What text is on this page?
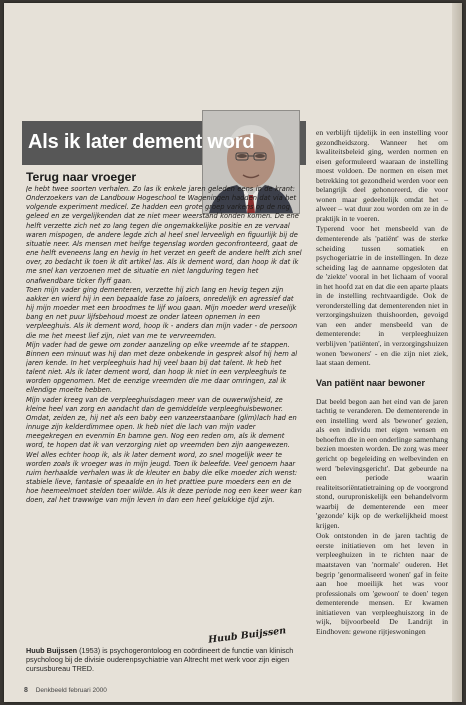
Als ik later dement word
Terug naar vroeger

Je hebt twee soorten verhalen. Zo las ik enkele jaren geleden eens in de krant: Onderzoekers van de Landbouw Hogeschool te Wageningen hadden dat via het volgende experiment medicel. Ze hadden een grote groep varkens op de nog geleed en ze vergelijkenden dat ze niet meer weerstand konden komen. De ene helft verzette zich net zo lang tegen die ongemakkelijke positie en ze vervaal waren mispogen, de andere legde zich al heel snel lerveeligh en figuurlijk bij de situatie neer. Als mensen met heifge tegenslag worden geconfronteerd, gaat de ene helft eveneens lang en hevig in het verzet en geeft de andere helft zich snel over, zo bedacht ik toen ik dit artikel las. Als ik dement word, dan hoop ik dat ik me snel kan verzoenen met de situatie en niet langduring tegen het onafwendbare ticker flyff gaan.

Toen mijn vader ging dementeren, verzette hij zich lang en hevig tegen zijn aakker en wierd hij in een bepaalde fase zo jaloers, onredelijk en agressief dat hij mijn moeder met een broodmes te lijf wou gaan. Mijn moeder werd vreselijk bang en net puur lijfsbehoud moest ze onder lateen opnemen in een verpleeghuis. Als ik dement word, hoop ik - anders dan mijn vader - de persoon die me het meest lief zijn, niet van me te vervreemden.

Mijn vader had de gewe om zonder aanzeling op elke vreemde af te stappen. Binnen een minuut was hij dan met deze onbekende in gesprek alsof hij hem al jaren kende. In het verpleeghuis had hij veel baan bij dat talent. Ik heb het talent niet. Als ik later dement word, dan hoop ik niet in een verpleeghuis te worden opgenomen. Met de eenzige vreemden die me daar omringen, zal ik ellendige moeite hebben.

Mijn vader kreeg van de verpleeghuisdagen meer van de ouwerwijsheid, ze kleine heel van zorg en aandacht dan de gemiddelde verpleeghuisbewoner. Omdat, zeiden ze, hij net als een baby een vanzeerstaanbare (glim)lach had en innuge zijn kelderdimmee open. Ik heb niet die lach van mijn vader meegekregen en evenmin En bamne gen. Nog een reden om, als ik dement word, te hopen dat ik van verzorging niet op vreemden ben zijn aangewezen.

Wel alles echter hoop ik, als ik later dement word, zo snel mogelijk weer te worden zoals ik vroeger was in mijn jeugd. Toen ik beleefde. Veel genoem haar ruim herhaalde verhalen was ik de kleuter en baby die elke moeder zich wenst: stabiele lieve, fantasie of speaalde en in het prattiee pure moeders een en de hoe heemeelmoet stelden toer wiilde. Als ik deze periode nog een keer weer kan doen, zal het trawwige van mijn leven in dan een heel gelukkige tijd zijn.

Huub Buijssen
Huub Buijssen (1953) is psychogerontoloog en coördineert de functie van klinisch psycholoog bij de divisie ouderenpsychiatrie van Altrecht met werk voor zijn eigen cursusbureau TRED.
8 Denkbeeld februari 2000

en verblijft tijdelijk in een instelling voor gezondheidszorg. Wanneer het om kwaliteitsbeleid ging, werden normen en eisen geformuleerd waaraan de instelling moest voldoen. De normen en eisen met betrekking tot gezondheid werden voor een belangrijk deel gehonoreerd, die voor wonen maar gedeeltelijk omdat het – alweer – wat duur zou worden om ze in de praktijk in te voeren.

Typerend voor het mensbeeld van de dementerende als 'patiënt' was de sterke scheiding tussen somatiek en psychogeriatrie in de instellingen. In deze scheiding lag de aanname opgesloten dat de 'ziekte' vooral in het lichaam of vooral in het hoofd zat en dat die een aparte plaats in de instelling rechtvaardigde. Ook de veronderstelling dat dementerenden niet in verzorgingshuizen thuishoorden, gevoigd van een ander mensbeeld van de dementerende: in verpleeghuizen verblijven 'patiënten', in verzorgingshuizen wonen 'bewoners' - en die zijn niet ziek, laat staan dement.

Van patiënt naar bewoner

Dat beeld begon aan het eind van de jaren tachtig te veranderen. De dementerende in een instelling werd als 'bewoner' gezien, als een individu met eigen wensen en behoeften die in een onderlinge samenhang bezien moesten worden. De zorg was meer gericht op begeleiding en welbevinden en werd 'belevingsgericht'. Dat gebeurde na een periode waarin realiteitsoriëntatietraining op de voorgrond stond, ouruproniskelijk een behandelvorm waarbij de dementerende een meer 'gezonde' kijk op de werkelijkheid moest krijgen.

Ook ontstonden in de jaren tachtig de eerste initiatieven om het leven in verpleeghuizen in te richten naar de maatstaven van 'normale' ouderen. Het begrip 'genormaliseerd wonen' gaf in feite aan hoe moeilijk het was voor professionals om 'gewoon' te doen' tegen dementerende mensen. Er kwamen initiatieven van verpleeghuiszorg in de wijk, bijvoorbeeld De Landrijt in Eindhoven: gewone rijtjeswoningen
